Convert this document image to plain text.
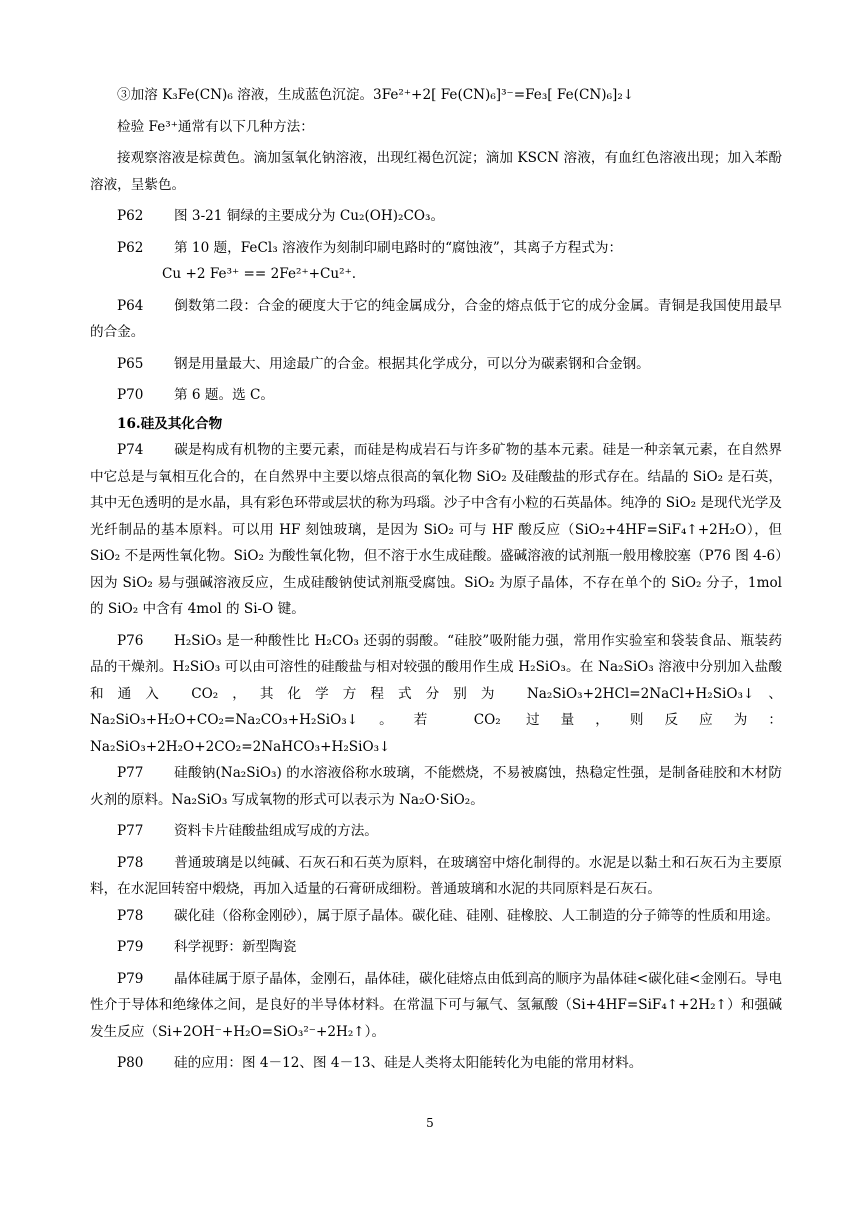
③加溶 K₃Fe(CN)₆ 溶液，生成蓝色沉淀。3Fe²⁺+2[ Fe(CN)₆]³⁻=Fe₃[ Fe(CN)₆]₂↓

检验 Fe³⁺通常有以下几种方法：

接观察溶液是棕黄色。滴加氢氧化钠溶液，出现红褐色沉淀；滴加 KSCN 溶液，有血红色溶液出现；加入苯酚溶液，呈紫色。

P62 图 3-21 铜绿的主要成分为 Cu₂(OH)₂CO₃。

P62 第 10 题，FeCl₃ 溶液作为刻制印刷电路时的“腐蚀液”，其离子方程式为：

Cu +2 Fe³⁺ == 2Fe²⁺+Cu²⁺.

P64 倒数第二段：合金的硬度大于它的纯金属成分，合金的熔点低于它的成分金属。青铜是我国使用最早的合金。

P65 钢是用量最大、用途最广的合金。根据其化学成分，可以分为碳素钢和合金钢。

P70 第 6 题。选 C。

16.硅及其化合物

P74 碳是构成有机物的主要元素，而硅是构成岩石与许多矿物的基本元素。硅是一种亲氧元素，在自然界中它总是与氧相互化合的，在自然界中主要以熔点很高的氧化物 SiO₂ 及硅酸盐的形式存在。结晶的 SiO₂ 是石英，其中无色透明的是水晶，具有彩色环带或层状的称为玛瑙。沙子中含有小粒的石英晶体。纯净的 SiO₂ 是现代光学及光纤制品的基本原料。可以用 HF 刻蚀玻璃，是因为 SiO₂ 可与 HF 酸反应（SiO₂+4HF=SiF₄↑+2H₂O），但 SiO₂ 不是两性氧化物。SiO₂ 为酸性氧化物，但不溶于水生成硅酸。盛碱溶液的试剂瓶一般用橡胶塞（P76 图 4-6）因为 SiO₂ 易与强碱溶液反应，生成硅酸钠使试剂瓶受腐蚀。SiO₂ 为原子晶体，不存在单个的 SiO₂ 分子，1mol 的 SiO₂ 中含有 4mol 的 Si-O 键。

P76 H₂SiO₃ 是一种酸性比 H₂CO₃ 还弱的弱酸。“硅胶”吸附能力强，常用作实验室和袋装食品、瓶装药品的干燥剂。H₂SiO₃ 可以由可溶性的硅酸盐与相对较强的酸用作生成 H₂SiO₃。在 Na₂SiO₃ 溶液中分别加入盐酸和通入 CO₂，其化学方程式分别为 Na₂SiO₃+2HCl=2NaCl+H₂SiO₃↓、Na₂SiO₃+H₂O+CO₂=Na₂CO₃+H₂SiO₃↓。若 CO₂ 过量，则反应为：Na₂SiO₃+2H₂O+2CO₂=2NaHCO₃+H₂SiO₃↓

P77 硅酸钠(Na₂SiO₃) 的水溶液俗称水玻璃，不能燃烧，不易被腐蚀，热稳定性强，是制备硅胶和木材防火剂的原料。Na₂SiO₃ 写成氧物的形式可以表示为 Na₂O·SiO₂。

P77 资料卡片硅酸盐组成写成的方法。

P78 普通玻璃是以纯碱、石灰石和石英为原料，在玻璃窑中熔化制得的。水泥是以黏土和石灰石为主要原料，在水泥回转窑中煅烧，再加入适量的石膏研成细粉。普通玻璃和水泥的共同原料是石灰石。

P78 碳化硅（俗称金刚砂），属于原子晶体。碳化硅、硅刚、硅橡胶、人工制造的分子筛等的性质和用途。

P79 科学视野：新型陶瓷

P79 晶体硅属于原子晶体，金刚石，晶体硅，碳化硅熔点由低到高的顺序为晶体硅<碳化硅<金刚石。导电性介于导体和绝缘体之间，是良好的半导体材料。在常温下可与氟气、氢氟酸（Si+4HF=SiF₄↑+2H₂↑）和强碱发生反应（Si+2OH⁻+H₂O=SiO₃²⁻+2H₂↑）。

P80 硅的应用：图 4－12、图 4－13、硅是人类将太阳能转化为电能的常用材料。

5
